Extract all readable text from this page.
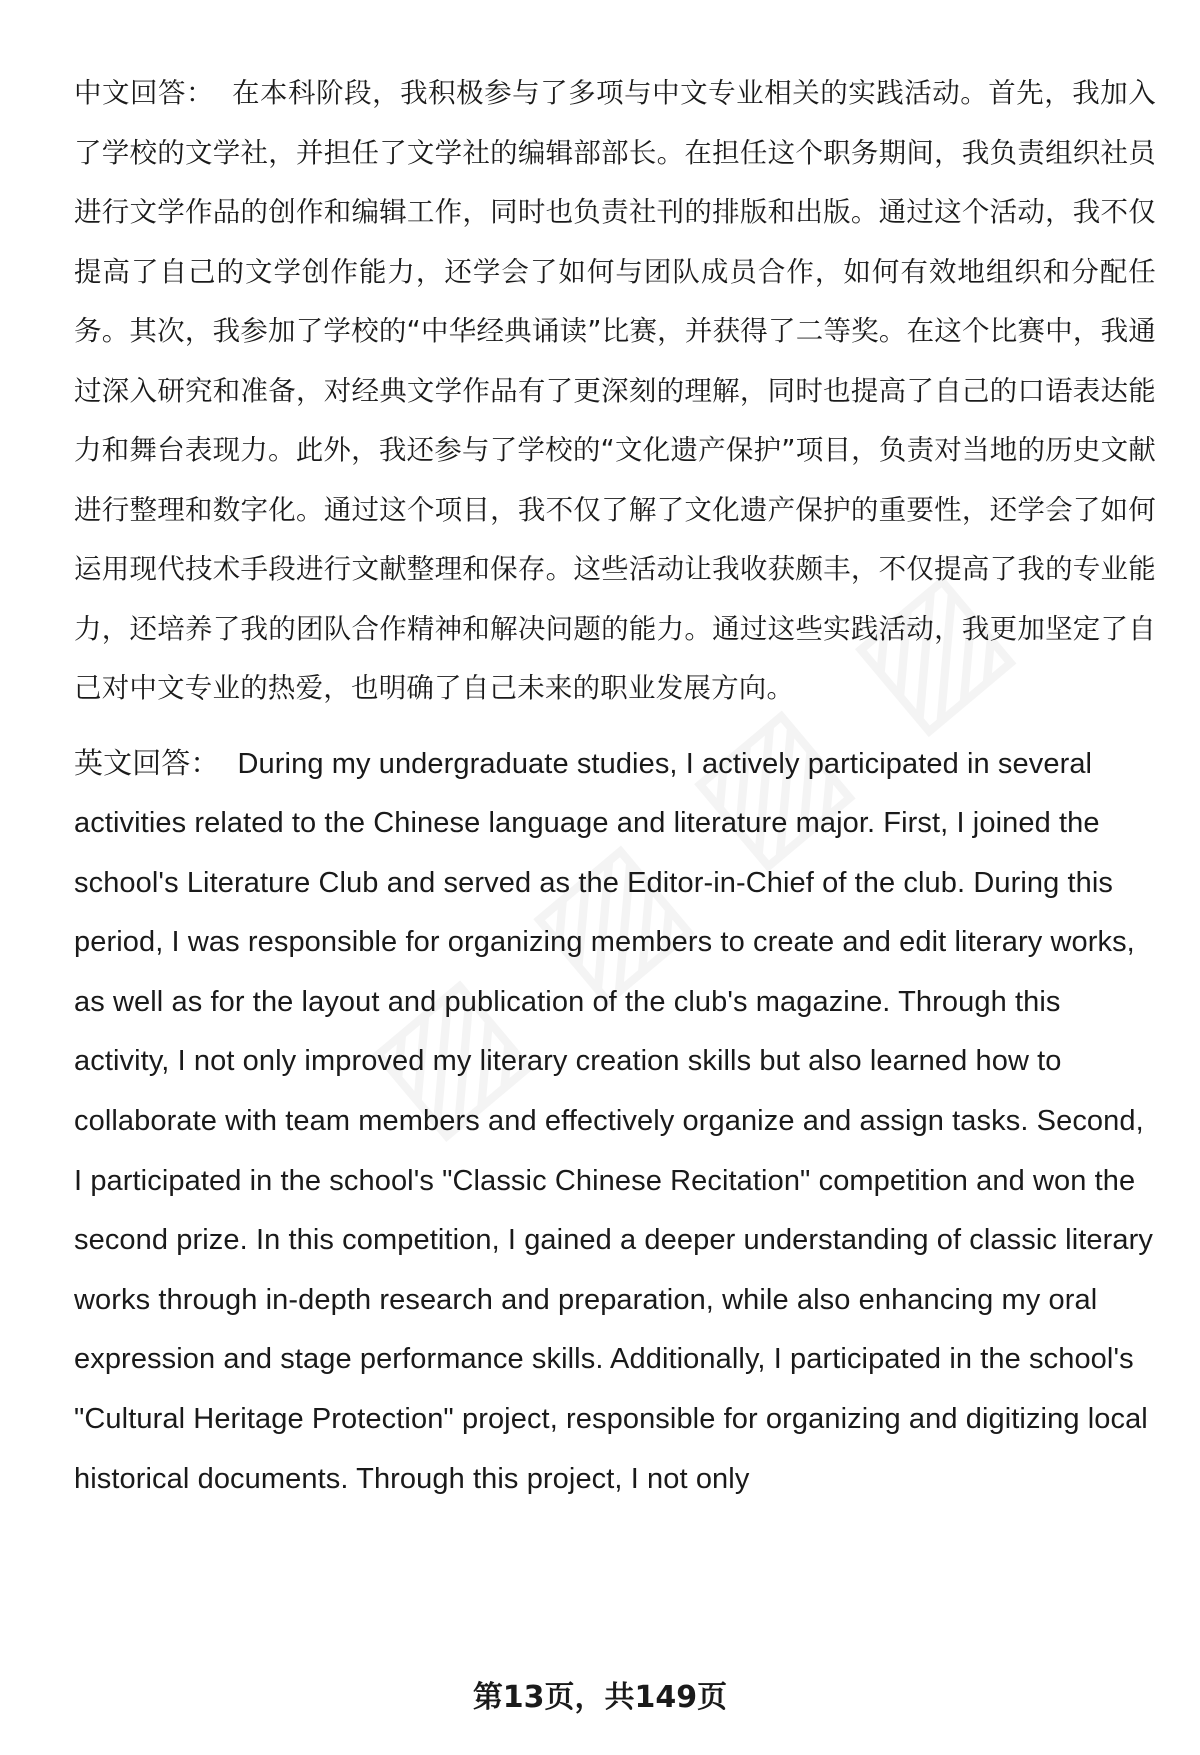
中文回答： 在本科阶段，我积极参与了多项与中文专业相关的实践活动。首先，我加入了学校的文学社，并担任了文学社的编辑部部长。在担任这个职务期间，我负责组织社员进行文学作品的创作和编辑工作，同时也负责社刊的排版和出版。通过这个活动，我不仅提高了自己的文学创作能力，还学会了如何与团队成员合作，如何有效地组织和分配任务。其次，我参加了学校的“中华经典诵读”比赛，并获得了二等奖。在这个比赛中，我通过深入研究和准备，对经典文学作品有了更深刻的理解，同时也提高了自己的口语表达能力和舞台表现力。此外，我还参与了学校的“文化遗产保护”项目，负责对当地的历史文献进行整理和数字化。通过这个项目，我不仅了解了文化遗产保护的重要性，还学会了如何运用现代技术手段进行文献整理和保存。这些活动让我收获颇丰，不仅提高了我的专业能力，还培养了我的团队合作精神和解决问题的能力。通过这些实践活动，我更加坚定了自己对中文专业的热爱，也明确了自己未来的职业发展方向。

英文回答： During my undergraduate studies, I actively participated in several activities related to the Chinese language and literature major. First, I joined the school's Literature Club and served as the Editor-in-Chief of the club. During this period, I was responsible for organizing members to create and edit literary works, as well as for the layout and publication of the club's magazine. Through this activity, I not only improved my literary creation skills but also learned how to collaborate with team members and effectively organize and assign tasks. Second, I participated in the school's "Classic Chinese Recitation" competition and won the second prize. In this competition, I gained a deeper understanding of classic literary works through in-depth research and preparation, while also enhancing my oral expression and stage performance skills. Additionally, I participated in the school's "Cultural Heritage Protection" project, responsible for organizing and digitizing local historical documents. Through this project, I not only

第13页，共149页
